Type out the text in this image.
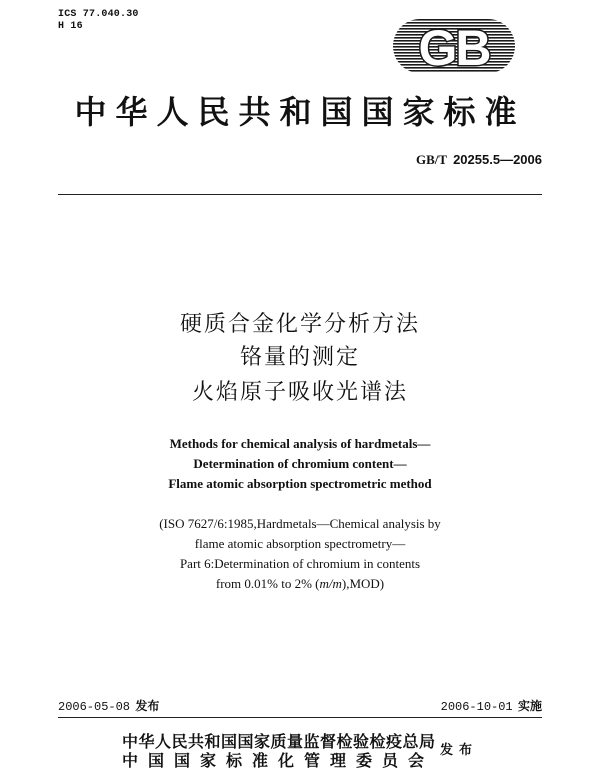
ICS 77.040.30
H 16	GB
中华人民共和国国家标准
GB/T 20255.5—2006
硬质合金化学分析方法
铬量的测定
火焰原子吸收光谱法
Methods for chemical analysis of hardmetals—
Determination of chromium content—
Flame atomic absorption spectrometric method
(ISO 7627/6:1985,Hardmetals—Chemical analysis by
flame atomic absorption spectrometry—
Part 6:Determination of chromium in contents
from 0.01% to 2% (m/m),MOD)
2006-05-08 发布	2006-10-01 实施
中华人民共和国国家质量监督检验检疫总局
中国国家标准化管理委员会
发布
